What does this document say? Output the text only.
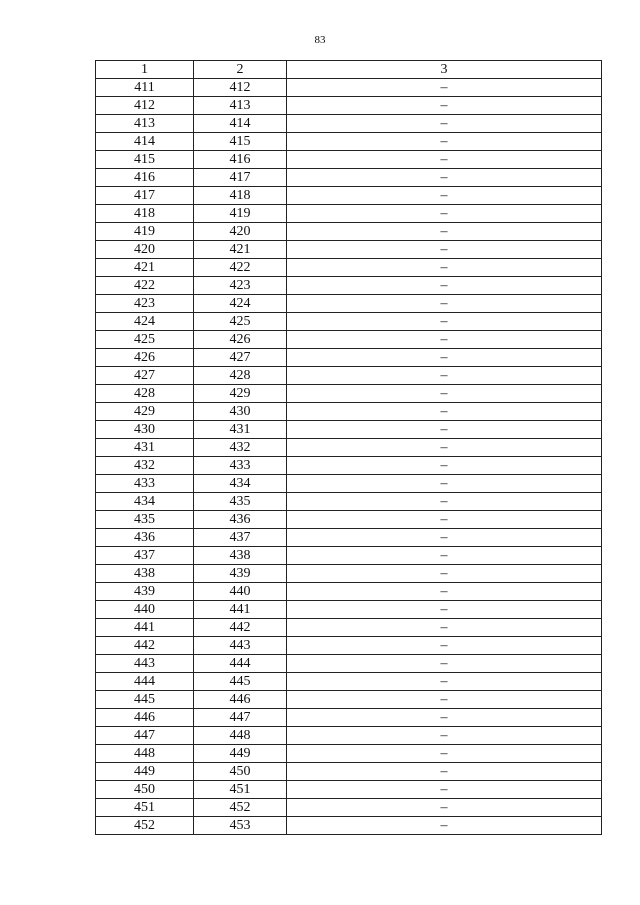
83
1	2	3
411	412	–
412	413	–
413	414	–
414	415	–
415	416	–
416	417	–
417	418	–
418	419	–
419	420	–
420	421	–
421	422	–
422	423	–
423	424	–
424	425	–
425	426	–
426	427	–
427	428	–
428	429	–
429	430	–
430	431	–
431	432	–
432	433	–
433	434	–
434	435	–
435	436	–
436	437	–
437	438	–
438	439	–
439	440	–
440	441	–
441	442	–
442	443	–
443	444	–
444	445	–
445	446	–
446	447	–
447	448	–
448	449	–
449	450	–
450	451	–
451	452	–
452	453	–
